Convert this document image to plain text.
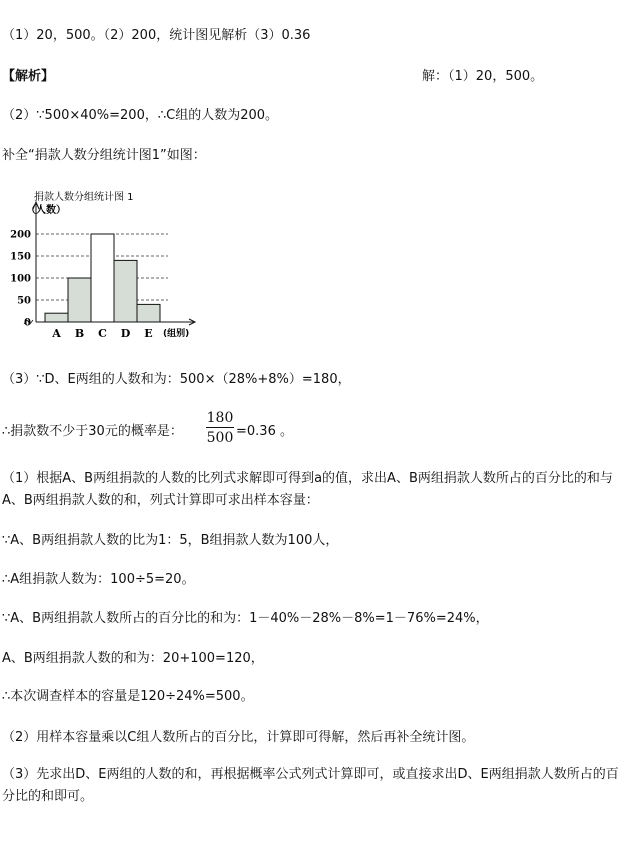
（1）20，500。（2）200，统计图见解析（3）0.36
【解析】	解：（1）20，500。
（2）∵500×40%=200，∴C组的人数为200。
补全“捐款人数分组统计图1”如图：
捐款人数分组统计图 1
（人数）
0
50
100
150
200
A B C D E (组别)
（3）∵D、E两组的人数和为：500×（28%+8%）=180，
∴捐款数不少于30元的概率是： $\frac{180}{500} =0.36$ 。
（1）根据A、B两组捐款的人数的比列式求解即可得到a的值，求出A、B两组捐款人数所占的百分比的和与A、B两组捐款人数的和，列式计算即可求出样本容量：
∵A、B两组捐款人数的比为1：5，B组捐款人数为100人，
∴A组捐款人数为：100÷5=20。
∵A、B两组捐款人数所占的百分比的和为：1－40%－28%－8%=1－76%=24%，
A、B两组捐款人数的和为：20+100=120，
∴本次调查样本的容量是120÷24%=500。
（2）用样本容量乘以C组人数所占的百分比，计算即可得解，然后再补全统计图。
（3）先求出D、E两组的人数的和，再根据概率公式列式计算即可，或直接求出D、E两组捐款人数所占的百分比的和即可。
